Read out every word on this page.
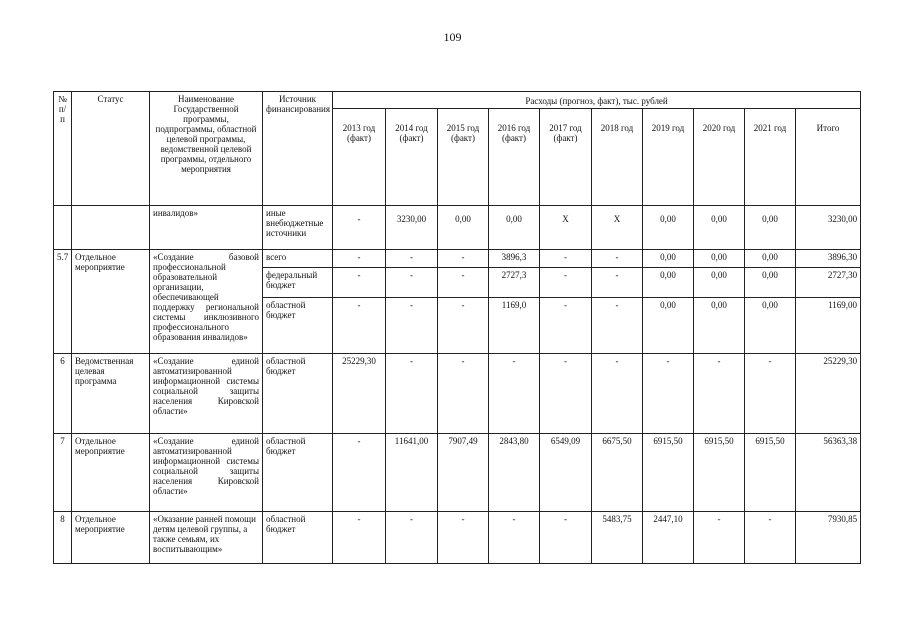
109
№ п/п	Статус	Наименование Государственной программы, подпрограммы, областной целевой программы, ведомственной целевой программы, отдельного мероприятия	Источник финансирования	Расходы (прогноз, факт), тыс. рублей									
				2013 год (факт)	2014 год (факт)	2015 год (факт)	2016 год (факт)	2017 год (факт)	2018 год	2019 год	2020 год	2021 год	Итого
		инвалидов»	иные внебюджетные источники	-	3230,00	0,00	0,00	Х	Х	0,00	0,00	0,00	3230,00
5.7	Отдельное мероприятие	«Создание базовой профессиональной образовательной организации, обеспечивающей поддержку региональной системы инклюзивного профессионального образования инвалидов»	всего	-	-	-	3896,3	-	-	0,00	0,00	0,00	3896,30
			федеральный бюджет	-	-	-	2727,3	-	-	0,00	0,00	0,00	2727,30
			областной бюджет	-	-	-	1169,0	-	-	0,00	0,00	0,00	1169,00
6	Ведомственная целевая программа	«Создание единой автоматизированной информационной системы социальной защиты населения Кировской области»	областной бюджет	25229,30	-	-	-	-	-	-	-	-	25229,30
7	Отдельное мероприятие	«Создание единой автоматизированной информационной системы социальной защиты населения Кировской области»	областной бюджет	-	11641,00	7907,49	2843,80	6549,09	6675,50	6915,50	6915,50	6915,50	56363,38
8	Отдельное мероприятие	«Оказание ранней помощи детям целевой группы, а также семьям, их воспитывающим»	областной бюджет	-	-	-	-	-	5483,75	2447,10	-	-	7930,85
